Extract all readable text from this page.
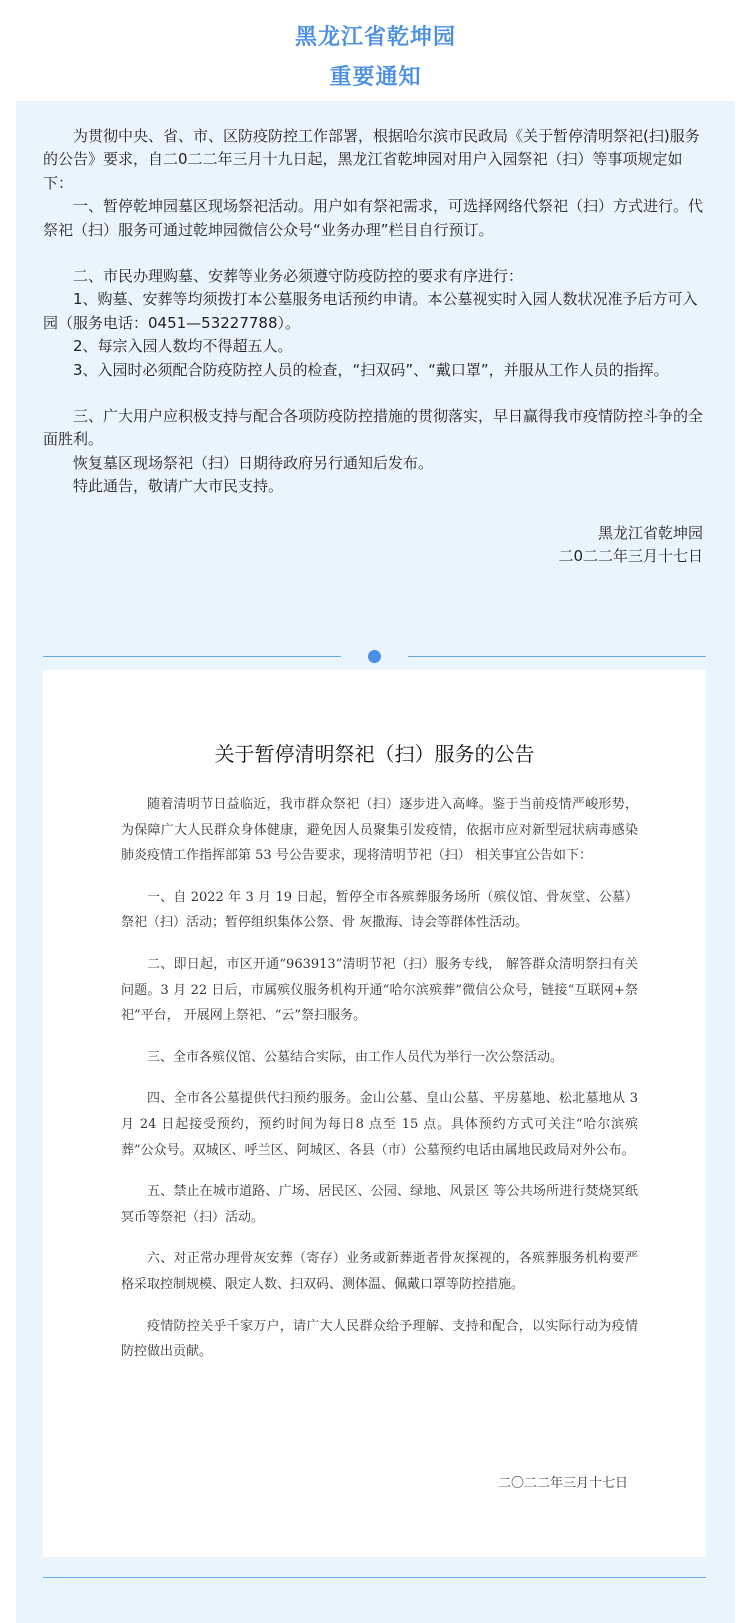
黑龙江省乾坤园
重要通知

为贯彻中央、省、市、区防疫防控工作部署，根据哈尔滨市民政局《关于暂停清明祭祀(扫)服务的公告》要求，自二0二二年三月十九日起，黑龙江省乾坤园对用户入园祭祀（扫）等事项规定如下：

一、暂停乾坤园墓区现场祭祀活动。用户如有祭祀需求，可选择网络代祭祀（扫）方式进行。代祭祀（扫）服务可通过乾坤园微信公众号“业务办理”栏目自行预订。

二、市民办理购墓、安葬等业务必须遵守防疫防控的要求有序进行：

1、购墓、安葬等均须拨打本公墓服务电话预约申请。本公墓视实时入园人数状况准予后方可入园（服务电话：0451—53227788）。

2、每宗入园人数均不得超五人。

3、入园时必须配合防疫防控人员的检查，“扫双码”、“戴口罩”，并服从工作人员的指挥。

三、广大用户应积极支持与配合各项防疫防控措施的贯彻落实，早日赢得我市疫情防控斗争的全面胜利。

恢复墓区现场祭祀（扫）日期待政府另行通知后发布。

特此通告，敬请广大市民支持。

黑龙江省乾坤园

二0二二年三月十七日

关于暂停清明祭祀（扫）服务的公告

随着清明节日益临近，我市群众祭祀（扫）逐步进入高峰。鉴于当前疫情严峻形势，为保障广大人民群众身体健康，避免因人员聚集引发疫情，依据市应对新型冠状病毒感染肺炎疫情工作指挥部第 53 号公告要求，现将清明节祀（扫） 相关事宜公告如下：

一、自 2022 年 3 月 19 日起，暂停全市各殡葬服务场所（殡仪馆、骨灰堂、公墓）祭祀（扫）活动；暂停组织集体公祭、骨 灰撒海、诗会等群体性活动。

二、即日起，市区开通“963913”清明节祀（扫）服务专线， 解答群众清明祭扫有关问题。3 月 22 日后，市属殡仪服务机构开通“哈尔滨殡葬”微信公众号，链接“互联网+祭祀”平台， 开展网上祭祀、“云”祭扫服务。

三、全市各殡仪馆、公墓结合实际，由工作人员代为举行一次公祭活动。

四、全市各公墓提供代扫预约服务。金山公墓、皇山公墓、平房墓地、松北墓地从 3 月 24 日起接受预约，预约时间为每日8 点至 15 点。具体预约方式可关注“哈尔滨殡葬”公众号。双城区、呼兰区、阿城区、各县（市）公墓预约电话由属地民政局对外公布。

五、禁止在城市道路、广场、居民区、公园、绿地、风景区 等公共场所进行焚烧冥纸冥币等祭祀（扫）活动。

六、对正常办理骨灰安葬（寄存）业务或新葬逝者骨灰探视的，各殡葬服务机构要严格采取控制规模、限定人数、扫双码、测体温、佩戴口罩等防控措施。

疫情防控关乎千家万户，请广大人民群众给予理解、支持和配合，以实际行动为疫情防控做出贡献。

二〇二二年三月十七日
